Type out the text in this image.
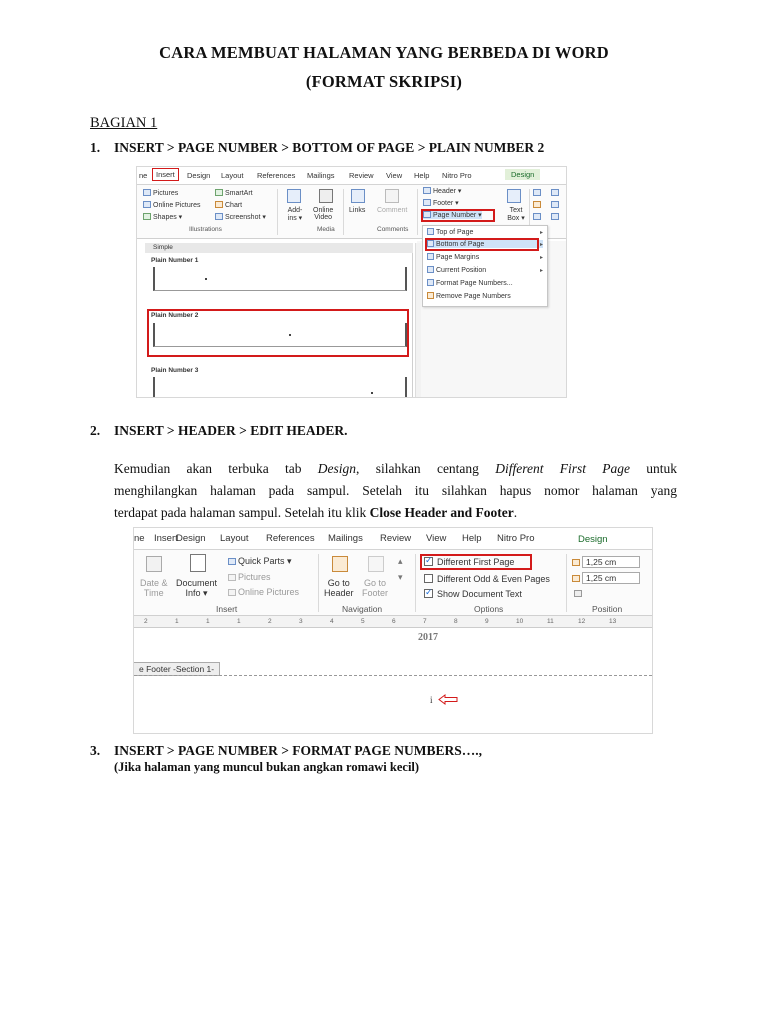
CARA MEMBUAT HALAMAN YANG BERBEDA DI WORD
(FORMAT SKRIPSI)
BAGIAN 1
1. INSERT > PAGE NUMBER > BOTTOM OF PAGE > PLAIN NUMBER 2
ne	Insert	Design Layout References Mailings Review View Help Nitro Pro	Design
Pictures
Online Pictures
Shapes ▾
SmartArt
Chart
Screenshot ▾
Illustrations
Add-ins ▾
Online
Video
Media
Links Comment
Comments
Header ▾
Footer ▾
Page Number ▾
Text Box ▾
Simple
Plain Number 1
Plain Number 2
Plain Number 3
Top of Page	▸
Bottom of Page	▸
Page Margins	▸
Current Position	▸
Format Page Numbers...
Remove Page Numbers
2. INSERT > HEADER > EDIT HEADER.
Kemudian akan terbuka tab Design, silahkan centang Different First Page untuk
menghilangkan halaman pada sampul. Setelah itu silahkan hapus nomor halaman yang
terdapat pada halaman sampul. Setelah itu klik Close Header and Footer.
ne Insert
Design Layout References Mailings Review View Help Nitro Pro	Design
Date &
Time
Document
Info ▾
Quick Parts ▾
Pictures
Online Pictures
Insert
Go to
Header
Go to
Footer
▴
▾
Navigation
✓Different First Page
Different Odd & Even Pages
✓Show Document Text
Options
1,25 cm
1,25 cm
Position
2	1	1	1	2	3	4	5	6	7	8	9	10	11	12	13
2017
e Footer -Section 1-
i
3. INSERT > PAGE NUMBER > FORMAT PAGE NUMBERS….,
(Jika halaman yang muncul bukan angkan romawi kecil)
